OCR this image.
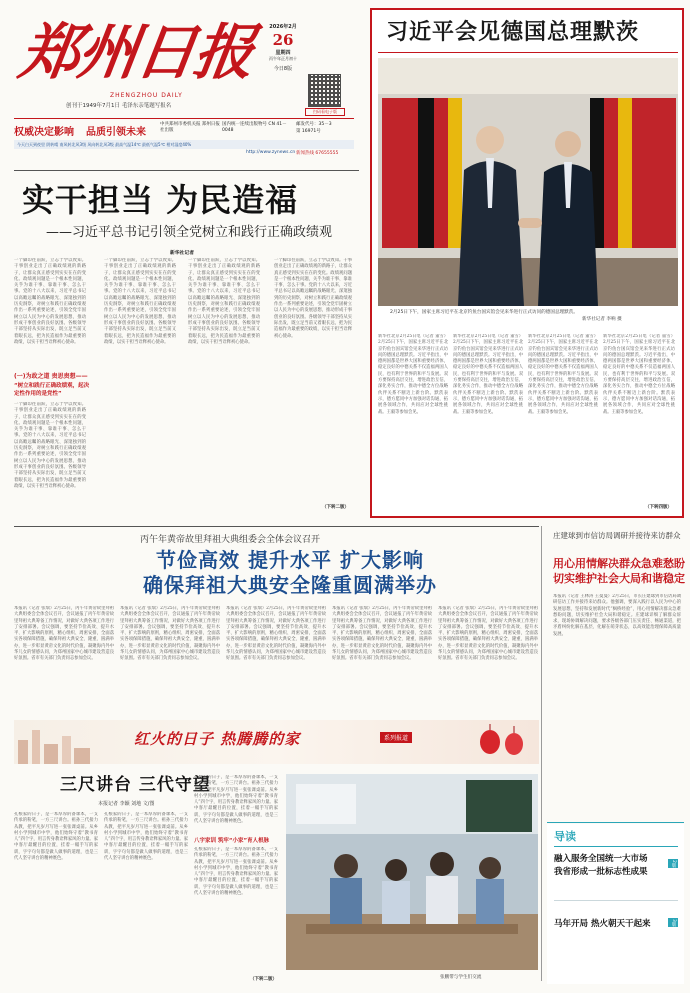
郑州日报
ZHENGZHOU DAILY
创刊于1949年7月1日 毛泽东亲笔题写报名
2026年2月
26
星期四
丙午年正月初十
今日8版
扫码看电子版
权威决定影响 品质引领未来
中共郑州市委机关报 郑州日报社出版
国内统一连续出版物号 CN 41－0048
邮发代号：35－3
第 16971号
今天白天到夜里 阴转晴 南风转北风3级 风向转北风3级 最高气温14℃ 最低气温5℃ 相对湿度40%
http://www.zynews.cn 新闻热线 67655555
习近平会见德国总理默茨
2月25日下午，国家主席习近平在北京钓鱼台国宾馆会见来华进行正式访问的德国总理默茨。
新华社记者 李响 摄
新华社北京2月25日电（记者 董雪）2月25日下午，国家主席习近平在北京钓鱼台国宾馆会见来华进行正式访问的德国总理默茨。习近平指出，中德两国都是世界大国和重要经济体，稳定良好的中德关系不仅造福两国人民，也有利于世界的和平与发展。双方要保持高层交往，增进政治互信，深化务实合作，推动中德全方位战略伙伴关系不断迈上新台阶。默茨表示，德方愿同中方加强对话沟通，拓展各领域合作，共同应对全球性挑战。王毅等参加会见。
新华社北京2月25日电（记者 董雪）2月25日下午，国家主席习近平在北京钓鱼台国宾馆会见来华进行正式访问的德国总理默茨。习近平指出，中德两国都是世界大国和重要经济体，稳定良好的中德关系不仅造福两国人民，也有利于世界的和平与发展。双方要保持高层交往，增进政治互信，深化务实合作，推动中德全方位战略伙伴关系不断迈上新台阶。默茨表示，德方愿同中方加强对话沟通，拓展各领域合作，共同应对全球性挑战。王毅等参加会见。
新华社北京2月25日电（记者 董雪）2月25日下午，国家主席习近平在北京钓鱼台国宾馆会见来华进行正式访问的德国总理默茨。习近平指出，中德两国都是世界大国和重要经济体，稳定良好的中德关系不仅造福两国人民，也有利于世界的和平与发展。双方要保持高层交往，增进政治互信，深化务实合作，推动中德全方位战略伙伴关系不断迈上新台阶。默茨表示，德方愿同中方加强对话沟通，拓展各领域合作，共同应对全球性挑战。王毅等参加会见。
新华社北京2月25日电（记者 董雪）2月25日下午，国家主席习近平在北京钓鱼台国宾馆会见来华进行正式访问的德国总理默茨。习近平指出，中德两国都是世界大国和重要经济体，稳定良好的中德关系不仅造福两国人民，也有利于世界的和平与发展。双方要保持高层交往，增进政治互信，深化务实合作，推动中德全方位战略伙伴关系不断迈上新台阶。默茨表示，德方愿同中方加强对话沟通，拓展各领域合作，共同应对全球性挑战。王毅等参加会见。
（下转四版）
实干担当 为民造福
——习近平总书记引领全党树立和践行正确政绩观
新华社记者
一个脚印往前跃，立志于学以致知。干事创业走出了正确政绩观的新路子，让群众真正感受到实实在在的变化。政绩观问题是一个根本性问题，关乎为谁干事、靠谁干事、怎么干事。党的十八大以来，习近平总书记以高瞻远瞩的战略眼光、深邃独到的历史洞察，对树立和践行正确政绩观作出一系列重要论述，引领全党牢固树立以人民为中心的发展思想，推动形成干事创业的良好氛围。各级领导干部坚持从实际出发，既立足当前又着眼长远，把为民造福作为最重要的政绩，以实干担当诠释初心使命。
(一)为政之道 贵思贵想——
“树立和践行正确政绩观，起决定性作用的是党性”
一个脚印往前跃，立志于学以致知。干事创业走出了正确政绩观的新路子，让群众真正感受到实实在在的变化。政绩观问题是一个根本性问题，关乎为谁干事、靠谁干事、怎么干事。党的十八大以来，习近平总书记以高瞻远瞩的战略眼光、深邃独到的历史洞察，对树立和践行正确政绩观作出一系列重要论述，引领全党牢固树立以人民为中心的发展思想，推动形成干事创业的良好氛围。各级领导干部坚持从实际出发，既立足当前又着眼长远，把为民造福作为最重要的政绩，以实干担当诠释初心使命。
一个脚印往前跃，立志于学以致知。干事创业走出了正确政绩观的新路子，让群众真正感受到实实在在的变化。政绩观问题是一个根本性问题，关乎为谁干事、靠谁干事、怎么干事。党的十八大以来，习近平总书记以高瞻远瞩的战略眼光、深邃独到的历史洞察，对树立和践行正确政绩观作出一系列重要论述，引领全党牢固树立以人民为中心的发展思想，推动形成干事创业的良好氛围。各级领导干部坚持从实际出发，既立足当前又着眼长远，把为民造福作为最重要的政绩，以实干担当诠释初心使命。
一个脚印往前跃，立志于学以致知。干事创业走出了正确政绩观的新路子，让群众真正感受到实实在在的变化。政绩观问题是一个根本性问题，关乎为谁干事、靠谁干事、怎么干事。党的十八大以来，习近平总书记以高瞻远瞩的战略眼光、深邃独到的历史洞察，对树立和践行正确政绩观作出一系列重要论述，引领全党牢固树立以人民为中心的发展思想，推动形成干事创业的良好氛围。各级领导干部坚持从实际出发，既立足当前又着眼长远，把为民造福作为最重要的政绩，以实干担当诠释初心使命。
一个脚印往前跃，立志于学以致知。干事创业走出了正确政绩观的新路子，让群众真正感受到实实在在的变化。政绩观问题是一个根本性问题，关乎为谁干事、靠谁干事、怎么干事。党的十八大以来，习近平总书记以高瞻远瞩的战略眼光、深邃独到的历史洞察，对树立和践行正确政绩观作出一系列重要论述，引领全党牢固树立以人民为中心的发展思想，推动形成干事创业的良好氛围。各级领导干部坚持从实际出发，既立足当前又着眼长远，把为民造福作为最重要的政绩，以实干担当诠释初心使命。
（下转二版）
丙午年黄帝故里拜祖大典组委会全体会议召开
节俭高效 提升水平 扩大影响
确保拜祖大典安全隆重圆满举办
本报讯（记者 张瑞）2月25日，丙午年黄帝故里拜祖大典组委会全体会议召开，会议通报了丙午年黄帝故里拜祖大典筹备工作情况，对做好大典各项工作进行了安排部署。会议强调，要坚持节俭高效、提升水平、扩大影响的原则，精心组织、周密安排，全面落实各项保障措施，确保拜祖大典安全、隆重、圆满举办，进一步彰显黄帝文化的时代价值，凝聚海内外中华儿女的情感认同，为郑州国家中心城市建设营造良好氛围。省市有关部门负责同志参加会议。
本报讯（记者 张瑞）2月25日，丙午年黄帝故里拜祖大典组委会全体会议召开，会议通报了丙午年黄帝故里拜祖大典筹备工作情况，对做好大典各项工作进行了安排部署。会议强调，要坚持节俭高效、提升水平、扩大影响的原则，精心组织、周密安排，全面落实各项保障措施，确保拜祖大典安全、隆重、圆满举办，进一步彰显黄帝文化的时代价值，凝聚海内外中华儿女的情感认同，为郑州国家中心城市建设营造良好氛围。省市有关部门负责同志参加会议。
本报讯（记者 张瑞）2月25日，丙午年黄帝故里拜祖大典组委会全体会议召开，会议通报了丙午年黄帝故里拜祖大典筹备工作情况，对做好大典各项工作进行了安排部署。会议强调，要坚持节俭高效、提升水平、扩大影响的原则，精心组织、周密安排，全面落实各项保障措施，确保拜祖大典安全、隆重、圆满举办，进一步彰显黄帝文化的时代价值，凝聚海内外中华儿女的情感认同，为郑州国家中心城市建设营造良好氛围。省市有关部门负责同志参加会议。
本报讯（记者 张瑞）2月25日，丙午年黄帝故里拜祖大典组委会全体会议召开，会议通报了丙午年黄帝故里拜祖大典筹备工作情况，对做好大典各项工作进行了安排部署。会议强调，要坚持节俭高效、提升水平、扩大影响的原则，精心组织、周密安排，全面落实各项保障措施，确保拜祖大典安全、隆重、圆满举办，进一步彰显黄帝文化的时代价值，凝聚海内外中华儿女的情感认同，为郑州国家中心城市建设营造良好氛围。省市有关部门负责同志参加会议。
本报讯（记者 张瑞）2月25日，丙午年黄帝故里拜祖大典组委会全体会议召开，会议通报了丙午年黄帝故里拜祖大典筹备工作情况，对做好大典各项工作进行了安排部署。会议强调，要坚持节俭高效、提升水平、扩大影响的原则，精心组织、周密安排，全面落实各项保障措施，确保拜祖大典安全、隆重、圆满举办，进一步彰显黄帝文化的时代价值，凝聚海内外中华儿女的情感认同，为郑州国家中心城市建设营造良好氛围。省市有关部门负责同志参加会议。
红火的日子 热腾腾的家	系列报道
三尺讲台 三代守望
本报记者 李颖 刘地 文/图
孔根家的日子，是一本厚厚的备课本，一支传承的粉笔，一方三尺讲台。祖孙三代接力从教，把平凡岁月写进一张张课桌前。从乡村小学到城市中学，他们始终守着“教书育人”四个字，用言传身教诠释家风的力量。家中客厅最醒目的位置，挂着一幅手写的家训，字字句句都是做人做事的道理，也是三代人坚守讲台的精神底色。
孔根家的日子，是一本厚厚的备课本，一支传承的粉笔，一方三尺讲台。祖孙三代接力从教，把平凡岁月写进一张张课桌前。从乡村小学到城市中学，他们始终守着“教书育人”四个字，用言传身教诠释家风的力量。家中客厅最醒目的位置，挂着一幅手写的家训，字字句句都是做人做事的道理，也是三代人坚守讲台的精神底色。
孔根家的日子，是一本厚厚的备课本，一支传承的粉笔，一方三尺讲台。祖孙三代接力从教，把平凡岁月写进一张张课桌前。从乡村小学到城市中学，他们始终守着“教书育人”四个字，用言传身教诠释家风的力量。家中客厅最醒目的位置，挂着一幅手写的家训，字字句句都是做人做事的道理，也是三代人坚守讲台的精神底色。
八宇家训 筑牢“小家”育人根脉
孔根家的日子，是一本厚厚的备课本，一支传承的粉笔，一方三尺讲台。祖孙三代接力从教，把平凡岁月写进一张张课桌前。从乡村小学到城市中学，他们始终守着“教书育人”四个字，用言传身教诠释家风的力量。家中客厅最醒目的位置，挂着一幅手写的家训，字字句句都是做人做事的道理，也是三代人坚守讲台的精神底色。
（下转二版）	张鹏带与学生们交流
庄建球到市信访局调研并接待来访群众
用心用情解决群众急难愁盼
切实维护社会大局和谐稳定
本报讯（记者 王林涛 王曼曼）2月25日，市长庄建球到市信访局调研信访工作并接待来访群众。他强调，要深入践行以人民为中心的发展思想，坚持和发展新时代“枫桥经验”，用心用情解决群众急难愁盼问题，切实维护社会大局和谐稳定。庄建球详细了解群众诉求，现场协调解决问题，要求各级各部门压实责任、畅通渠道，把矛盾纠纷化解在基层、化解在萌芽状态，以高效能治理保障高质量发展。
导读
融入服务全国统一大市场
我省形成一批标志性成果
2版
马年开局 热火朝天干起来	3版
